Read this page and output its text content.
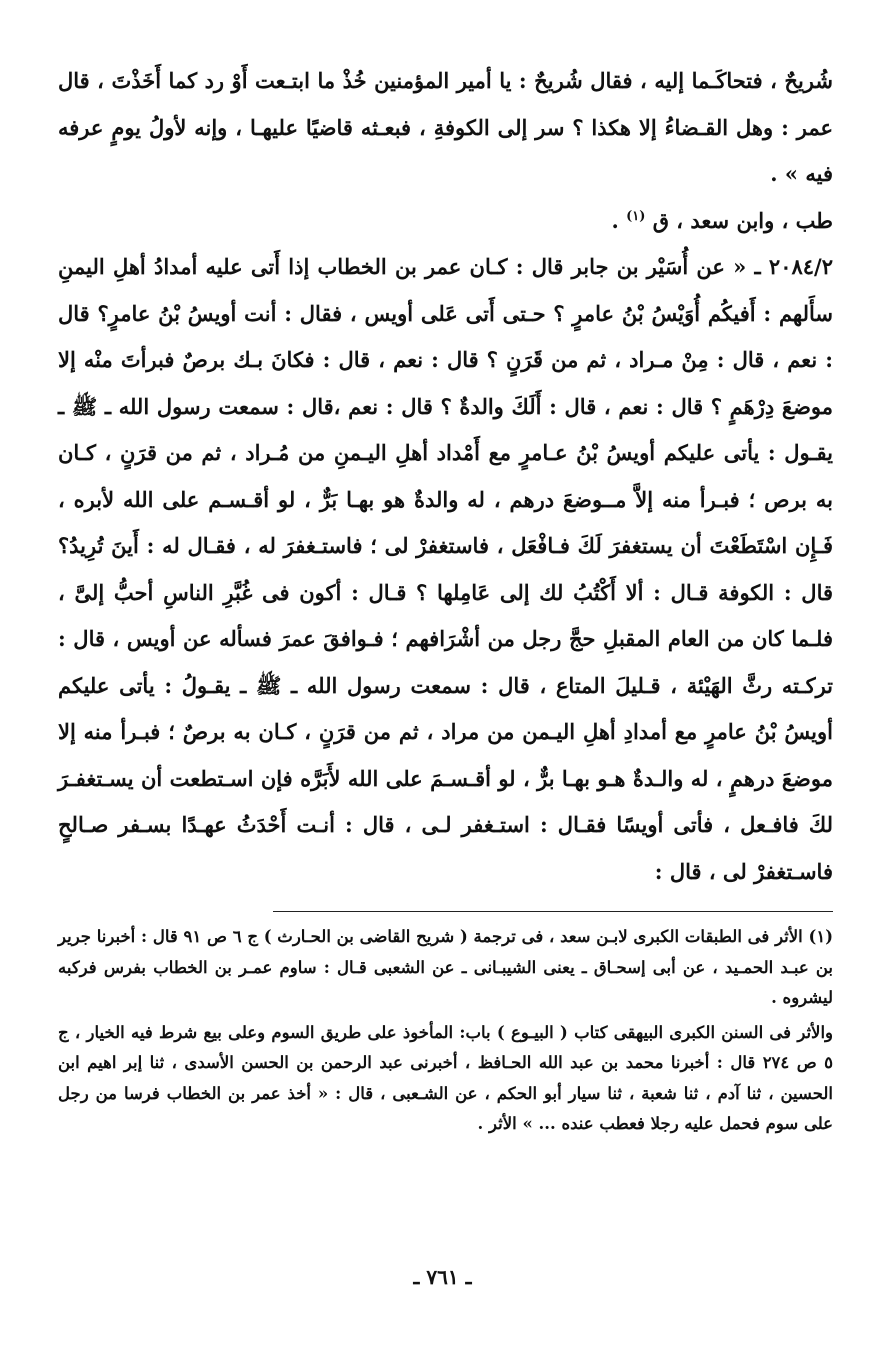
شُريحٌ ، فتحاكَـما إليه ، فقال شُريحٌ : يا أمير المؤمنين خُذْ ما ابتـعت أَوْ رد كما أَخَذْتَ ، قال عمر : وهل القـضاءُ إلا هكذا ؟ سر إلى الكوفةِ ، فبعـثه قاضيًا عليهـا ، وإنه لأولُ يومٍ عرفه فيه » .

طب ، وابن سعد ، ق $^{(١)}$ .

٢٠٨٤/٢ ـ « عن أُسَيْر بن جابر قال : كـان عمر بن الخطاب إذا أَتى عليه أمدادُ أهلِ اليمنِ سأَلهم : أَفيكُم أُوَيْسُ بْنُ عامرٍ ؟ حـتى أَتى عَلى أويس ، فقال : أنت أويسُ بْنُ عامرٍ؟ قال : نعم ، قال : مِنْ مـراد ، ثم من قَرَنٍ ؟ قال : نعم ، قال : فكانَ بـك برصٌ فبرأتَ منْه إلا موضعَ دِرْهَمٍ ؟ قال : نعم ، قال : أَلَكَ والدةٌ ؟ قال : نعم ،قال : سمعت رسول الله ـ ﷺ ـ يقـول : يأتى عليكم أويسُ بْنُ عـامرٍ مع أَمْداد أهلِ اليـمنِ من مُـراد ، ثم من قرَنٍ ، كـان به برص ؛ فبـرأ منه إلاَّ مــوضعَ درهم ، له والدةٌ هو بهـا بَرٌّ ، لو أقـسـم على الله لأبره ، فَـإِن اسْتَطَعْتَ أن يستغفرَ لَكَ فـافْعَل ، فاستغفرْ لى ؛ فاستـغفرَ له ، فقـال له : أَينَ تُرِيدُ؟ قال : الكوفة قـال : ألا أَكْتُبُ لك إلى عَامِلها ؟ قـال : أكون فى غُبَّرِ الناسِ أحبُّ إلىَّ ، فلـما كان من العام المقبلِ حجَّ رجل من أشْرَافهم ؛ فـوافقَ عمرَ فسأله عن أويس ، قال : تركـته رثَّ الهَيْئة ، قـليلَ المتاع ، قال : سمعت رسول الله ـ ﷺ ـ يقـولُ : يأتى عليكم أويسُ بْنُ عامرٍ مع أمدادِ أهلِ اليـمن من مراد ، ثم من قرَنٍ ، كـان به برصٌ ؛ فبـرأ منه إلا موضعَ درهمٍ ، له والـدةٌ هـو بهـا برٌّ ، لو أقـسـمَ على الله لأَبَرَّه فإن اسـتطعت أن يسـتغفـرَ لكَ فافـعل ، فأتى أويسًا فقـال : استـغفر لـى ، قال : أنـت أَحْدَثُ عهـدًا بسـفر صـالحٍ فاسـتغفرْ لى ، قال :

(١) الأثر فى الطبقات الكبرى لابـن سعد ، فى ترجمة ( شريح القاضى بن الحـارث ) ج ٦ ص ٩١ قال : أخبرنا جرير بن عبـد الحمـيد ، عن أبى إسحـاق ـ يعنى الشيبـانى ـ عن الشعبى قـال : ساوم عمـر بن الخطاب بفرس فركبه ليشروه .

والأثر فى السنن الكبرى البيهقى كتاب ( البيـوع ) باب: المأخوذ على طريق السوم وعلى بيع شرط فيه الخيار ، ج ٥ ص ٢٧٤ قال : أخبرنا محمد بن عبد الله الحـافظ ، أخبرنى عبد الرحمن بن الحسن الأسدى ، ثنا إبر اهيم ابن الحسين ، ثنا آدم ، ثنا شعبة ، ثنا سيار أبو الحكم ، عن الشـعبى ، قال : « أخذ عمر بن الخطاب فرسا من رجل على سوم فحمل عليه رجلا فعطب عنده ... » الأثر .

ـ ٧٦١ ـ
